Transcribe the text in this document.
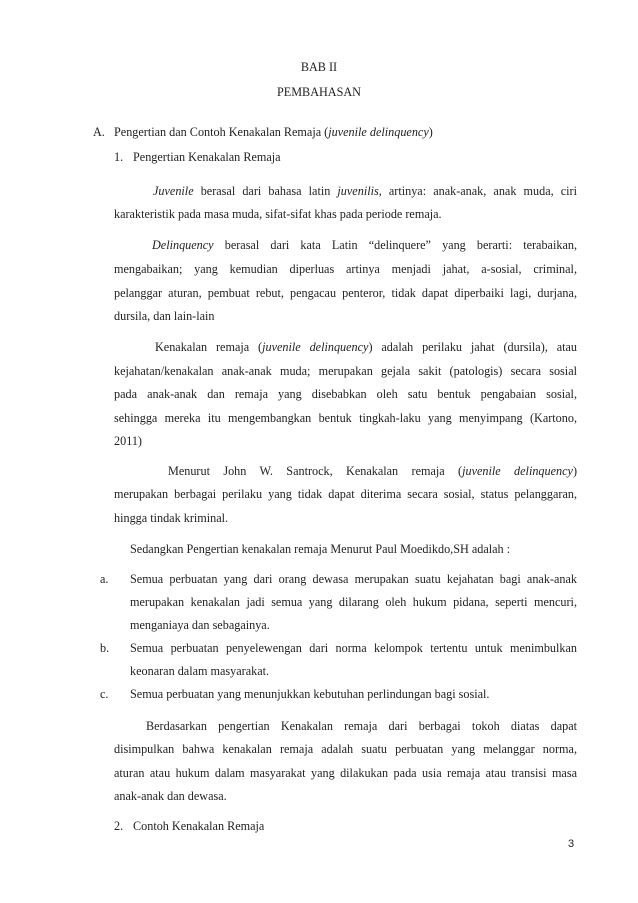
BAB II
PEMBAHASAN
A. Pengertian dan Contoh Kenakalan Remaja (juvenile delinquency)
1. Pengertian Kenakalan Remaja
Juvenile berasal dari bahasa latin juvenilis, artinya: anak-anak, anak muda, ciri
karakteristik pada masa muda, sifat-sifat khas pada periode remaja.
Delinquency berasal dari kata Latin “delinquere” yang berarti: terabaikan,
mengabaikan; yang kemudian diperluas artinya menjadi jahat, a-sosial, criminal,
pelanggar aturan, pembuat rebut, pengacau penteror, tidak dapat diperbaiki lagi, durjana,
dursila, dan lain-lain
Kenakalan remaja (juvenile delinquency) adalah perilaku jahat (dursila), atau
kejahatan/kenakalan anak-anak muda; merupakan gejala sakit (patologis) secara sosial
pada anak-anak dan remaja yang disebabkan oleh satu bentuk pengabaian sosial,
sehingga mereka itu mengembangkan bentuk tingkah-laku yang menyimpang (Kartono,
2011)
Menurut John W. Santrock, Kenakalan remaja (juvenile delinquency)
merupakan berbagai perilaku yang tidak dapat diterima secara sosial, status pelanggaran,
hingga tindak kriminal.
Sedangkan Pengertian kenakalan remaja Menurut Paul Moedikdo,SH adalah :
a. Semua perbuatan yang dari orang dewasa merupakan suatu kejahatan bagi anak-anak
merupakan kenakalan jadi semua yang dilarang oleh hukum pidana, seperti mencuri,
menganiaya dan sebagainya.
b. Semua perbuatan penyelewengan dari norma kelompok tertentu untuk menimbulkan
keonaran dalam masyarakat.
c. Semua perbuatan yang menunjukkan kebutuhan perlindungan bagi sosial.
Berdasarkan pengertian Kenakalan remaja dari berbagai tokoh diatas dapat
disimpulkan bahwa kenakalan remaja adalah suatu perbuatan yang melanggar norma,
aturan atau hukum dalam masyarakat yang dilakukan pada usia remaja atau transisi masa
anak-anak dan dewasa.
2. Contoh Kenakalan Remaja
3
